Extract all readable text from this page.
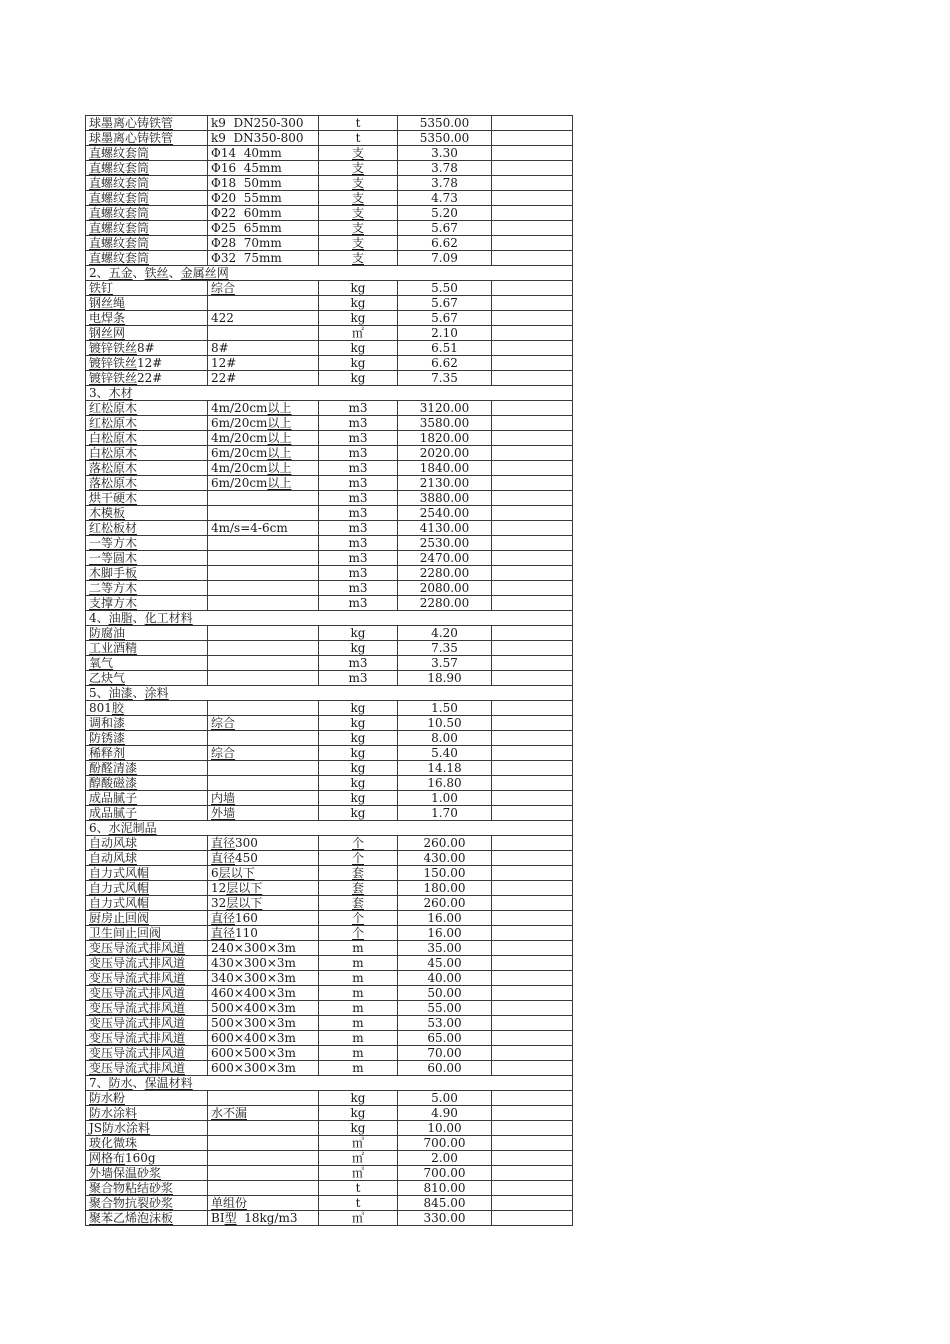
球墨离心铸铁管	k9  DN250-300	t	5350.00	
球墨离心铸铁管	k9  DN350-800	t	5350.00	
直螺纹套筒	Φ14  40mm	支	3.30	
直螺纹套筒	Φ16  45mm	支	3.78	
直螺纹套筒	Φ18  50mm	支	3.78	
直螺纹套筒	Φ20  55mm	支	4.73	
直螺纹套筒	Φ22  60mm	支	5.20	
直螺纹套筒	Φ25  65mm	支	5.67	
直螺纹套筒	Φ28  70mm	支	6.62	
直螺纹套筒	Φ32  75mm	支	7.09	
2、五金、铁丝、金属丝网				
铁钉	综合	kg	5.50	
钢丝绳		kg	5.67	
电焊条	422	kg	5.67	
钢丝网		㎡	2.10	
镀锌铁丝8#	8#	kg	6.51	
镀锌铁丝12#	12#	kg	6.62	
镀锌铁丝22#	22#	kg	7.35	
3、木材				
红松原木	4m/20cm以上	m3	3120.00	
红松原木	6m/20cm以上	m3	3580.00	
白松原木	4m/20cm以上	m3	1820.00	
白松原木	6m/20cm以上	m3	2020.00	
落松原木	4m/20cm以上	m3	1840.00	
落松原木	6m/20cm以上	m3	2130.00	
烘干硬木		m3	3880.00	
木模板		m3	2540.00	
红松板材	4m/s=4-6cm	m3	4130.00	
一等方木		m3	2530.00	
一等圆木		m3	2470.00	
木脚手板		m3	2280.00	
二等方木		m3	2080.00	
支撑方木		m3	2280.00	
4、油脂、化工材料				
防腐油		kg	4.20	
工业酒精		kg	7.35	
氧气		m3	3.57	
乙炔气		m3	18.90	
5、油漆、涂料				
801胶		kg	1.50	
调和漆	综合	kg	10.50	
防锈漆		kg	8.00	
稀释剂	综合	kg	5.40	
酚醛清漆		kg	14.18	
醇酸磁漆		kg	16.80	
成品腻子	内墙	kg	1.00	
成品腻子	外墙	kg	1.70	
6、水泥制品				
自动风球	直径300	个	260.00	
自动风球	直径450	个	430.00	
自力式风帽	6层以下	套	150.00	
自力式风帽	12层以下	套	180.00	
自力式风帽	32层以下	套	260.00	
厨房止回阀	直径160	个	16.00	
卫生间止回阀	直径110	个	16.00	
变压导流式排风道	240×300×3m	m	35.00	
变压导流式排风道	430×300×3m	m	45.00	
变压导流式排风道	340×300×3m	m	40.00	
变压导流式排风道	460×400×3m	m	50.00	
变压导流式排风道	500×400×3m	m	55.00	
变压导流式排风道	500×300×3m	m	53.00	
变压导流式排风道	600×400×3m	m	65.00	
变压导流式排风道	600×500×3m	m	70.00	
变压导流式排风道	600×300×3m	m	60.00	
7、防水、保温材料				
防水粉		kg	5.00	
防水涂料	水不漏	kg	4.90	
JS防水涂料		kg	10.00	
玻化微珠		㎥	700.00	
网格布160g		㎡	2.00	
外墙保温砂浆		㎥	700.00	
聚合物粘结砂浆		t	810.00	
聚合物抗裂砂浆	单组份	t	845.00	
聚苯乙烯泡沫板	BI型  18kg/m3	㎥	330.00	
